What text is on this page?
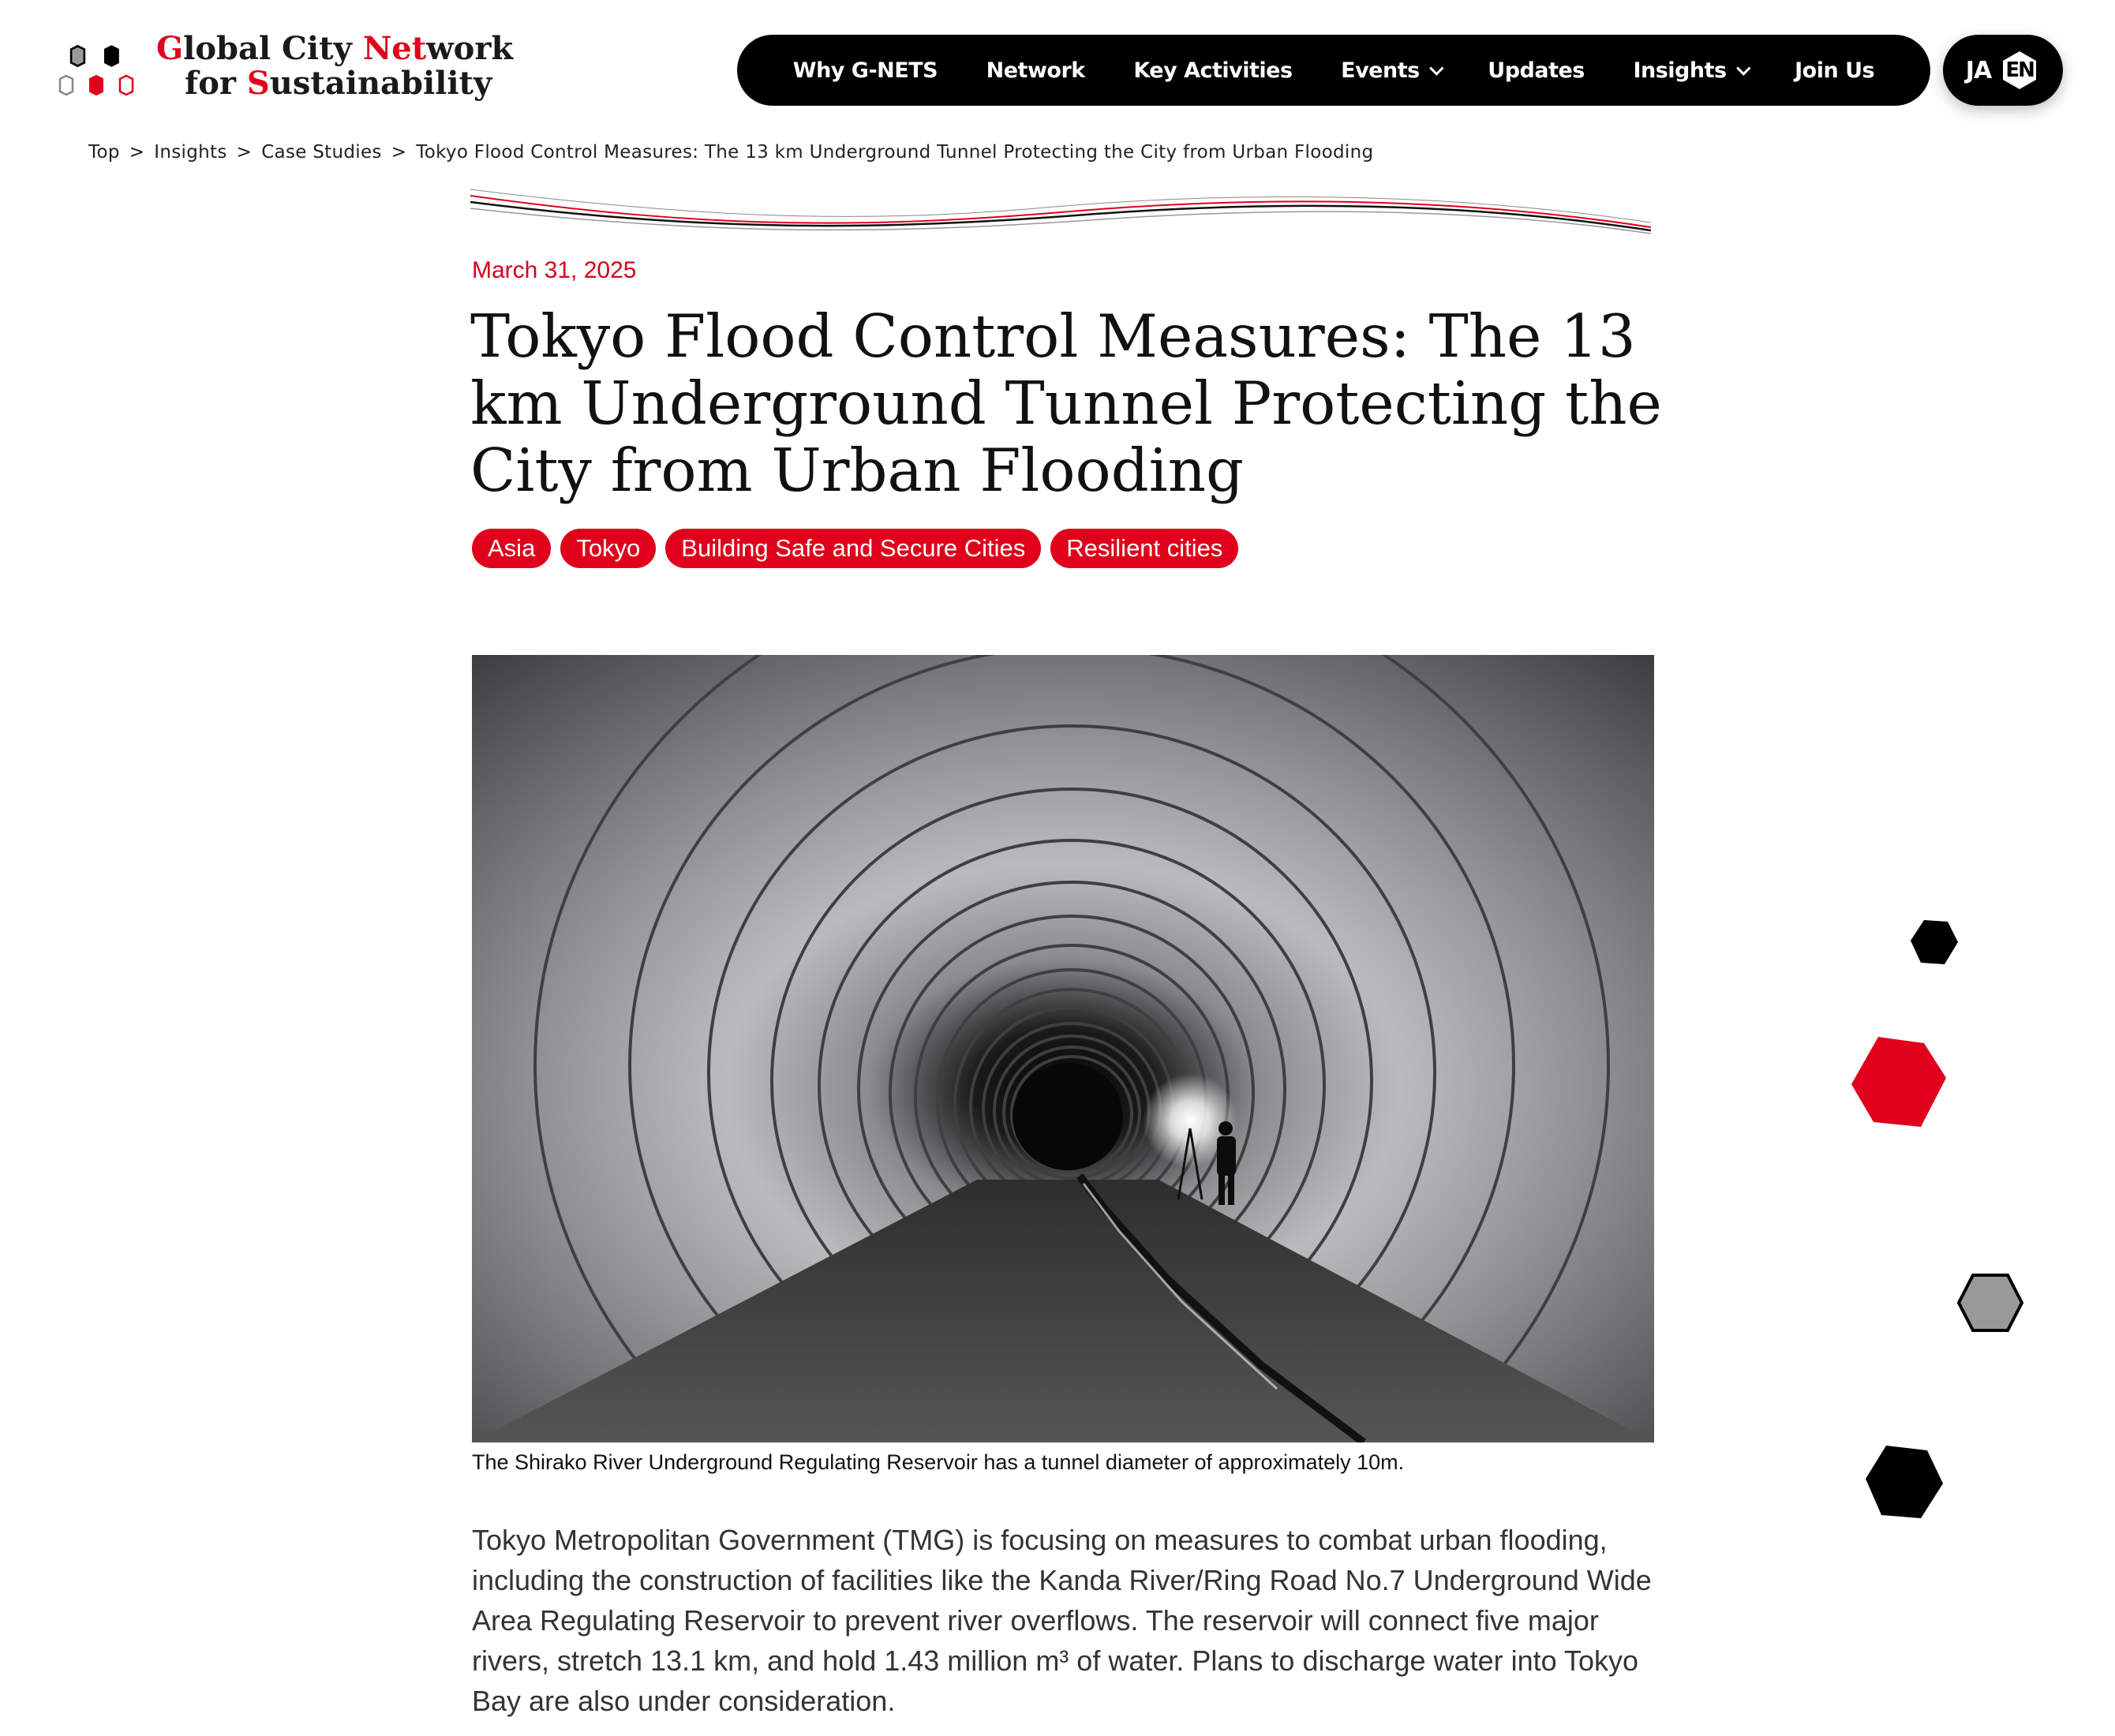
Global City Network
for Sustainability	Why G-NETS Network Key Activities Events	Updates Insights	Join Us	JA EN
Top > Insights > Case Studies > Tokyo Flood Control Measures: The 13 km Underground Tunnel Protecting the City from Urban Flooding
March 31, 2025
Tokyo Flood Control Measures: The 13 km Underground Tunnel Protecting the City from Urban Flooding
Asia	Tokyo	Building Safe and Secure Cities	Resilient cities
The Shirako River Underground Regulating Reservoir has a tunnel diameter of approximately 10m.

Tokyo Metropolitan Government (TMG) is focusing on measures to combat urban flooding, including the construction of facilities like the Kanda River/Ring Road No.7 Underground Wide Area Regulating Reservoir to prevent river overflows. The reservoir will connect five major rivers, stretch 13.1 km, and hold 1.43 million m³ of water. Plans to discharge water into Tokyo Bay are also under consideration.
